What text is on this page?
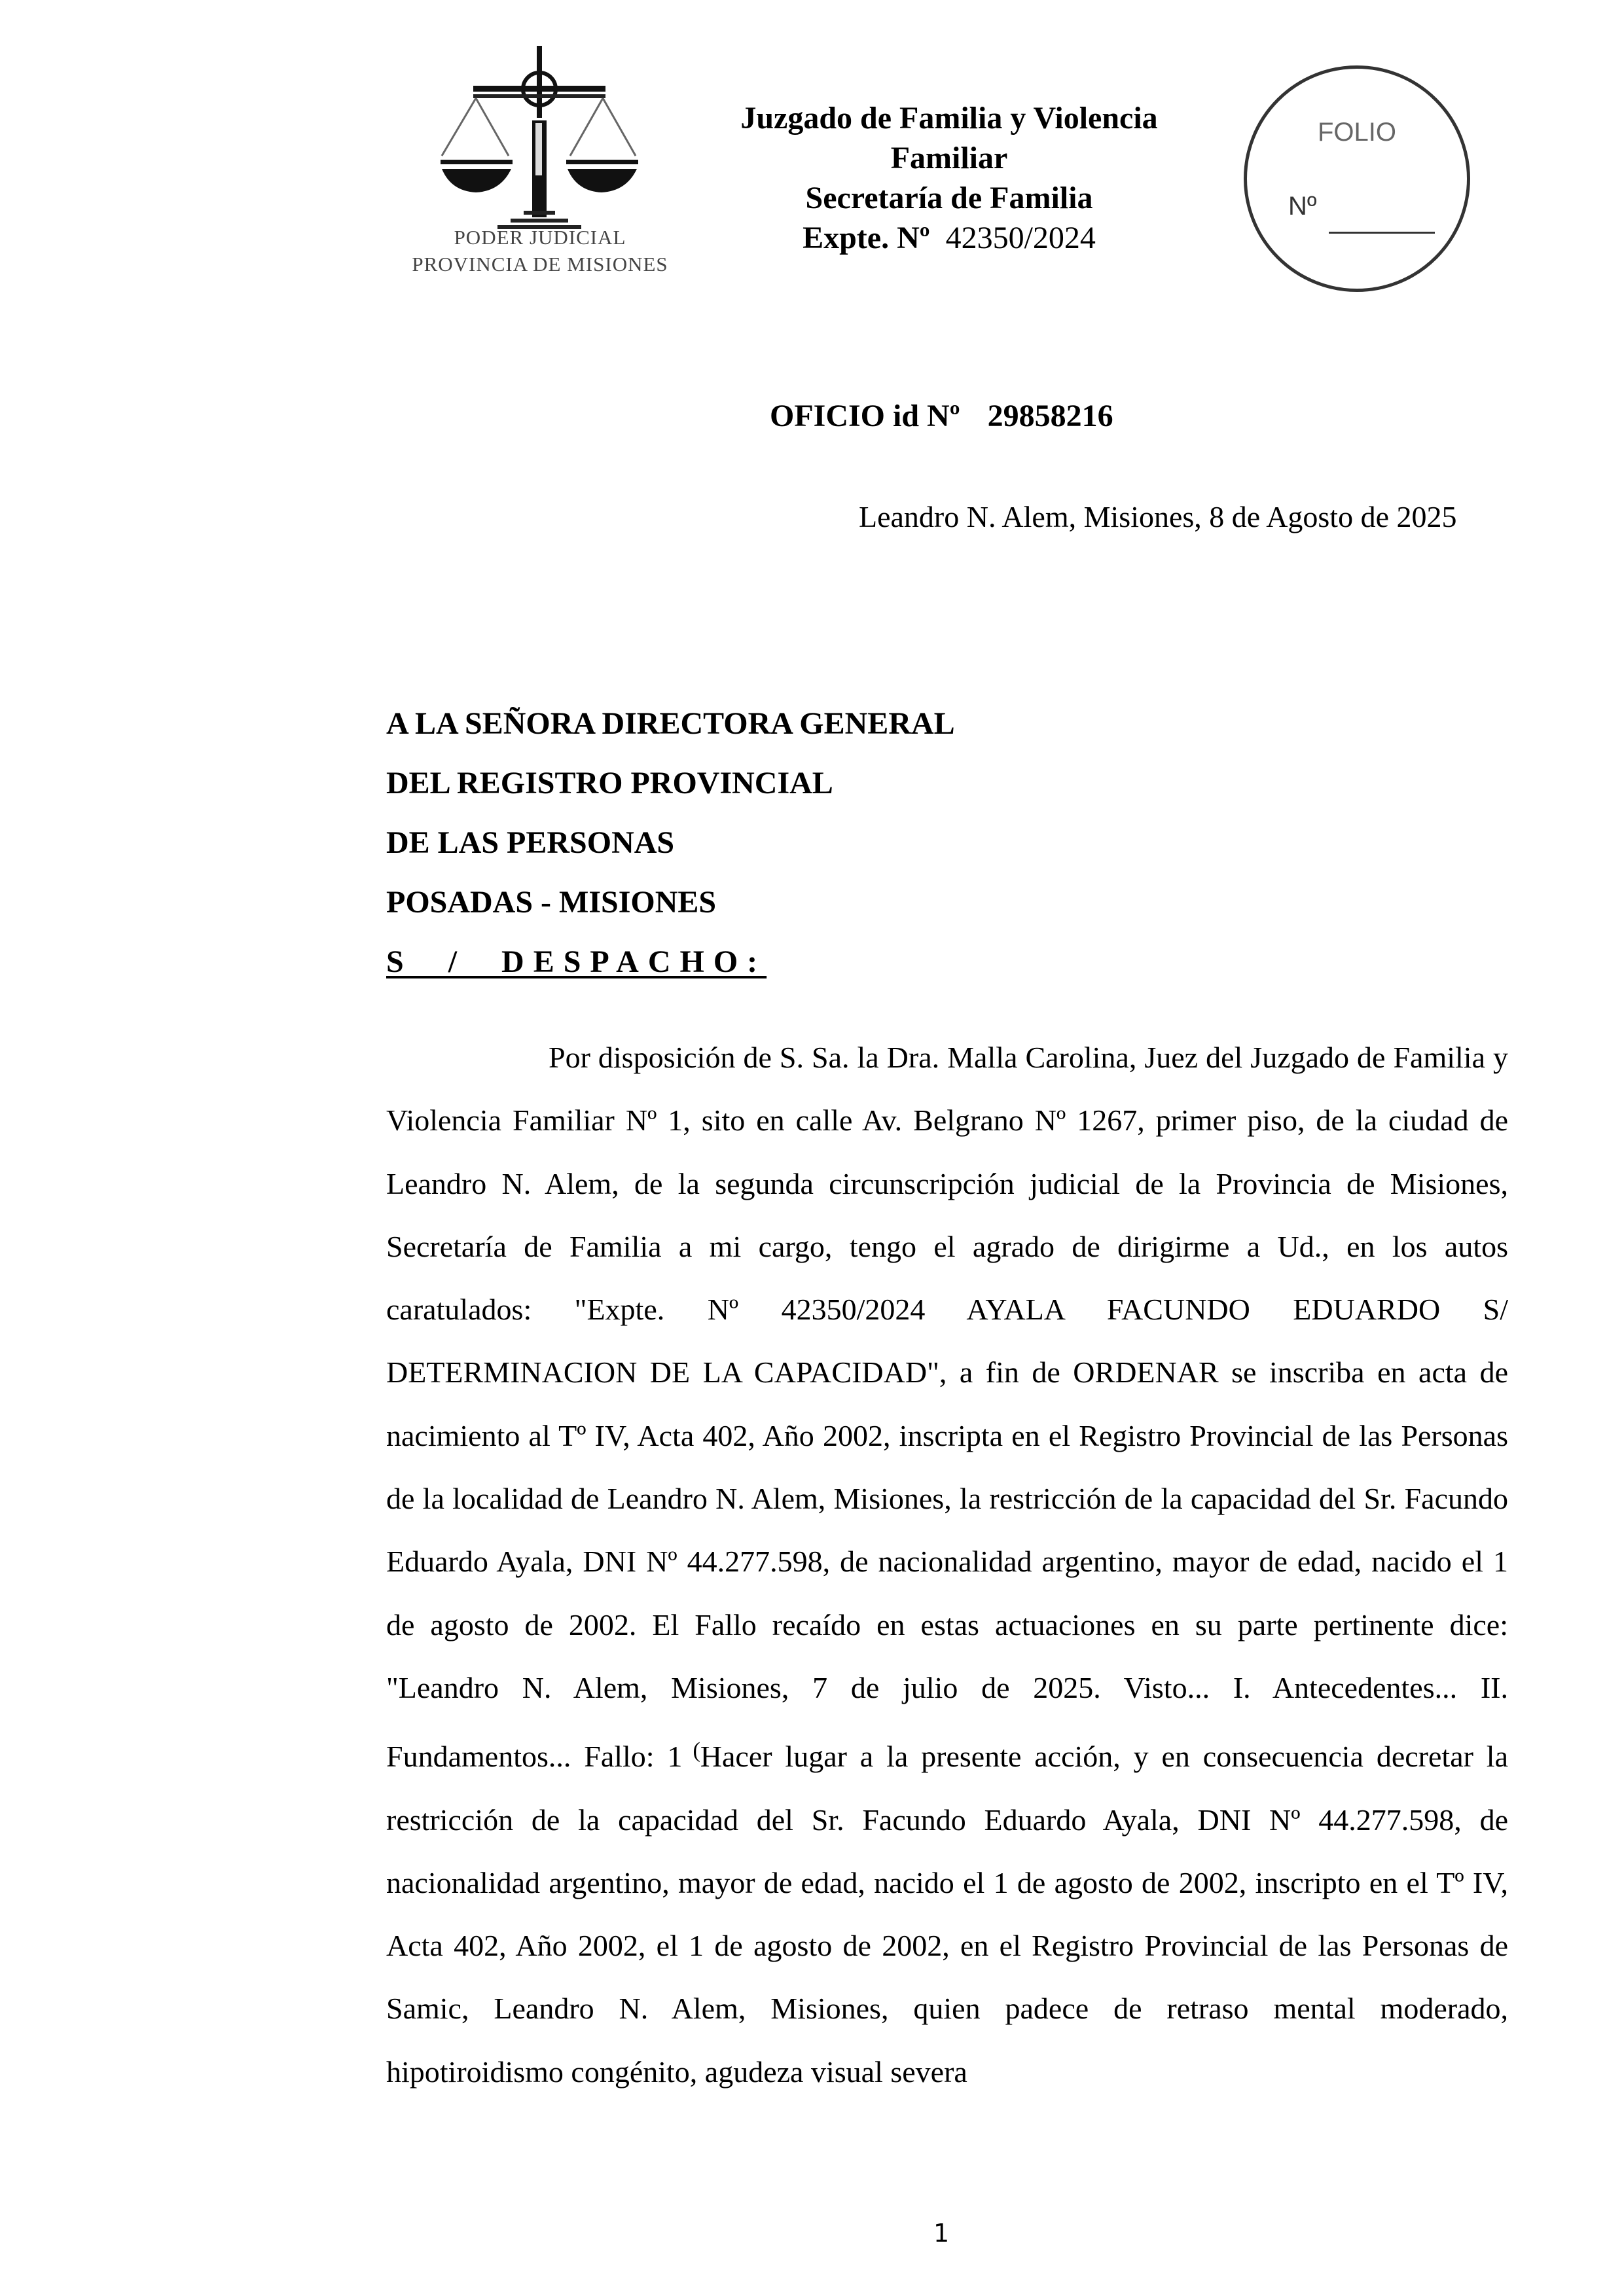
PODER JUDICIAL
PROVINCIA DE MISIONES
Juzgado de Familia y Violencia
Familiar
Secretaría de Familia
Expte. Nº 42350/2024
FOLIO
Nº
OFICIO id Nº 29858216
Leandro N. Alem, Misiones, 8 de Agosto de 2025
A LA SEÑORA DIRECTORA GENERAL
DEL REGISTRO PROVINCIAL
DE LAS PERSONAS
POSADAS - MISIONES
S / DESPACHO:
Por disposición de S. Sa. la Dra. Malla Carolina, Juez del Juzgado de Familia y Violencia Familiar Nº 1, sito en calle Av. Belgrano Nº 1267, primer piso, de la ciudad de Leandro N. Alem, de la segunda circunscripción judicial de la Provincia de Misiones, Secretaría de Familia a mi cargo, tengo el agrado de dirigirme a Ud., en los autos caratulados: "Expte. Nº 42350/2024 AYALA FACUNDO EDUARDO S/ DETERMINACION DE LA CAPACIDAD", a fin de ORDENAR se inscriba en acta de nacimiento al Tº IV, Acta 402, Año 2002, inscripta en el Registro Provincial de las Personas de la localidad de Leandro N. Alem, Misiones, la restricción de la capacidad del Sr. Facundo Eduardo Ayala, DNI Nº 44.277.598, de nacionalidad argentino, mayor de edad, nacido el 1 de agosto de 2002. El Fallo recaído en estas actuaciones en su parte pertinente dice: "Leandro N. Alem, Misiones, 7 de julio de 2025. Visto... I. Antecedentes... II. Fundamentos... Fallo: 1 (Hacer lugar a la presente acción, y en consecuencia decretar la restricción de la capacidad del Sr. Facundo Eduardo Ayala, DNI Nº 44.277.598, de nacionalidad argentino, mayor de edad, nacido el 1 de agosto de 2002, inscripto en el Tº IV, Acta 402, Año 2002, el 1 de agosto de 2002, en el Registro Provincial de las Personas de Samic, Leandro N. Alem, Misiones, quien padece de retraso mental moderado, hipotiroidismo congénito, agudeza visual severa
1
